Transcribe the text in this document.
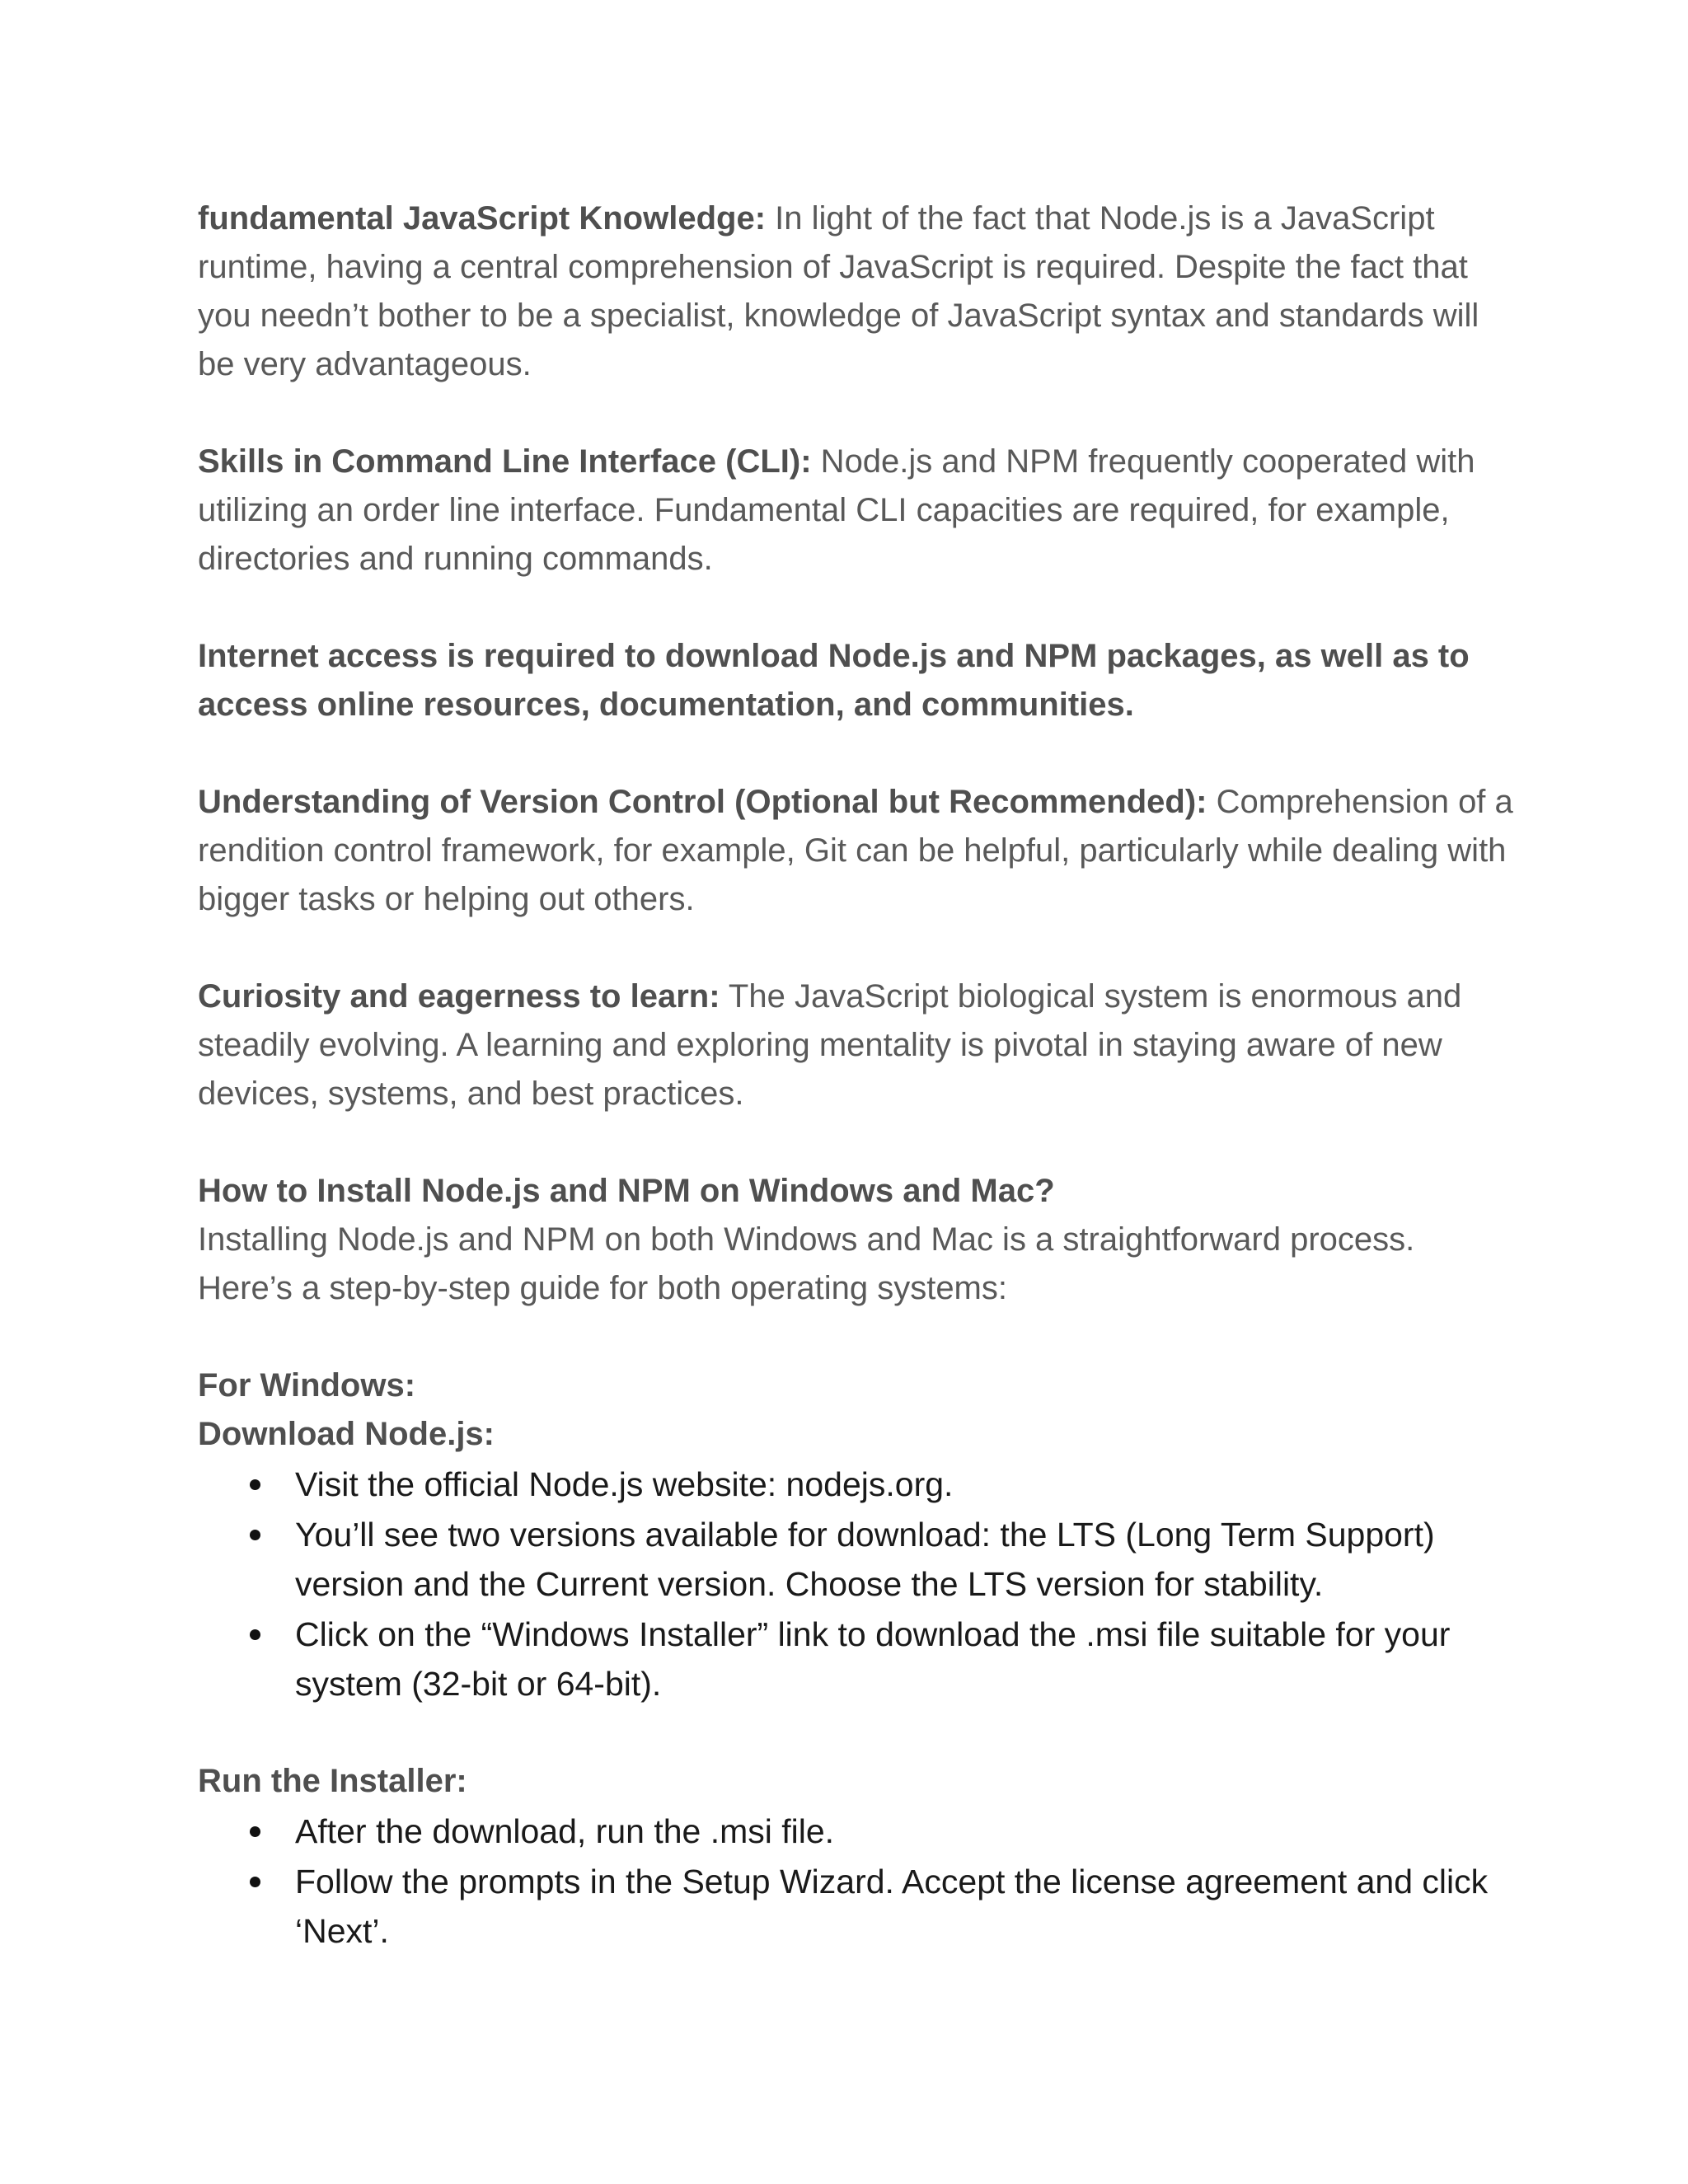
fundamental JavaScript Knowledge: In light of the fact that Node.js is a JavaScript runtime, having a central comprehension of JavaScript is required. Despite the fact that you needn’t bother to be a specialist, knowledge of JavaScript syntax and standards will be very advantageous.

Skills in Command Line Interface (CLI): Node.js and NPM frequently cooperated with utilizing an order line interface. Fundamental CLI capacities are required, for example, directories and running commands.

Internet access is required to download Node.js and NPM packages, as well as to access online resources, documentation, and communities.

Understanding of Version Control (Optional but Recommended): Comprehension of a rendition control framework, for example, Git can be helpful, particularly while dealing with bigger tasks or helping out others.

Curiosity and eagerness to learn: The JavaScript biological system is enormous and steadily evolving. A learning and exploring mentality is pivotal in staying aware of new devices, systems, and best practices.

How to Install Node.js and NPM on Windows and Mac?

Installing Node.js and NPM on both Windows and Mac is a straightforward process. Here’s a step-by-step guide for both operating systems:

For Windows:

Download Node.js:

Visit the official Node.js website: nodejs.org.
You’ll see two versions available for download: the LTS (Long Term Support) version and the Current version. Choose the LTS version for stability.
Click on the “Windows Installer” link to download the .msi file suitable for your system (32-bit or 64-bit).

Run the Installer:

After the download, run the .msi file.
Follow the prompts in the Setup Wizard. Accept the license agreement and click ‘Next’.
